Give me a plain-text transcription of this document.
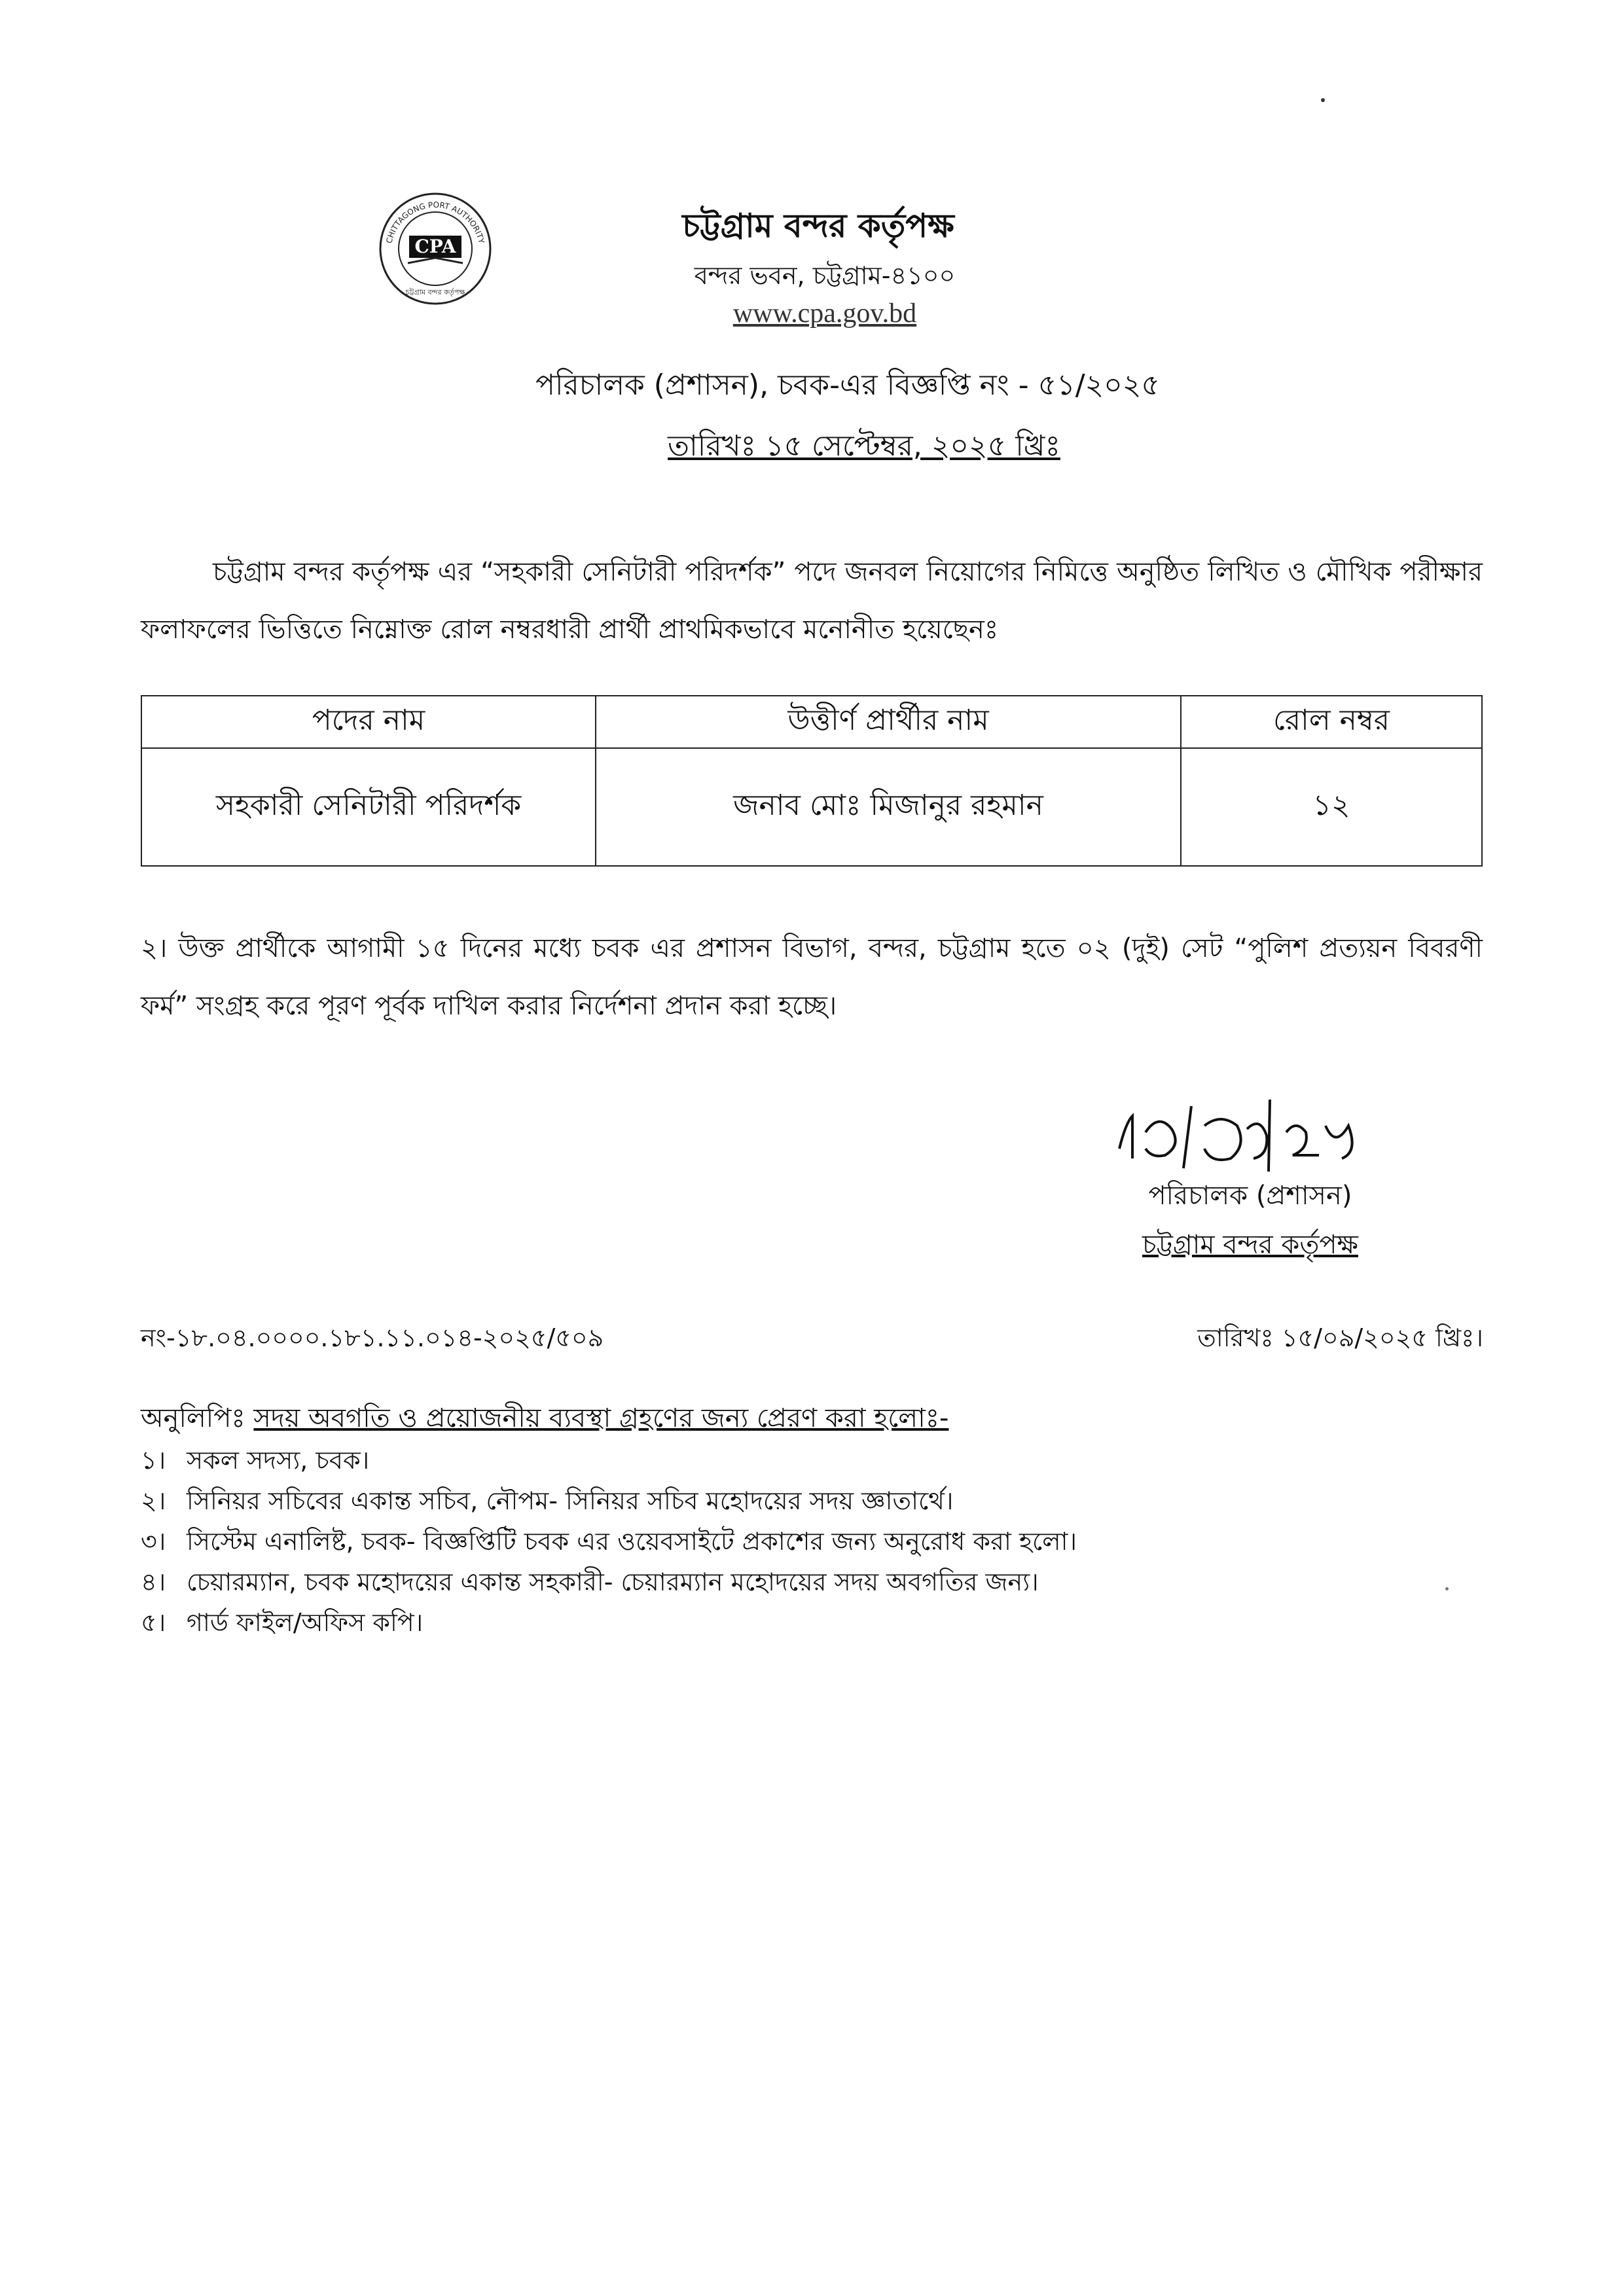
CHITTAGONG PORT AUTHORITY
CPA
চট্টগ্রাম বন্দর কর্তৃপক্ষ
চট্টগ্রাম বন্দর কর্তৃপক্ষ
বন্দর ভবন, চট্টগ্রাম-৪১০০
www.cpa.gov.bd
পরিচালক (প্রশাসন), চবক-এর বিজ্ঞপ্তি নং - ৫১/২০২৫
তারিখঃ ১৫ সেপ্টেম্বর, ২০২৫ খ্রিঃ
চট্টগ্রাম বন্দর কর্তৃপক্ষ এর “সহকারী সেনিটারী পরিদর্শক” পদে জনবল নিয়োগের নিমিত্তে অনুষ্ঠিত লিখিত ও মৌখিক পরীক্ষার ফলাফলের ভিত্তিতে নিম্নোক্ত রোল নম্বরধারী প্রার্থী প্রাথমিকভাবে মনোনীত হয়েছেনঃ
পদের নাম	উত্তীর্ণ প্রার্থীর নাম	রোল নম্বর
সহকারী সেনিটারী পরিদর্শক	জনাব মোঃ মিজানুর রহমান	১২
২। উক্ত প্রার্থীকে আগামী ১৫ দিনের মধ্যে চবক এর প্রশাসন বিভাগ, বন্দর, চট্টগ্রাম হতে ০২ (দুই) সেট “পুলিশ প্রত্যয়ন বিবরণী ফর্ম” সংগ্রহ করে পূরণ পূর্বক দাখিল করার নির্দেশনা প্রদান করা হচ্ছে।
পরিচালক (প্রশাসন)
চট্টগ্রাম বন্দর কর্তৃপক্ষ
নং-১৮.০৪.০০০০.১৮১.১১.০১৪-২০২৫/৫০৯	তারিখঃ ১৫/০৯/২০২৫ খ্রিঃ।
অনুলিপিঃ সদয় অবগতি ও প্রয়োজনীয় ব্যবস্থা গ্রহণের জন্য প্রেরণ করা হলোঃ-
১। সকল সদস্য, চবক।
২। সিনিয়র সচিবের একান্ত সচিব, নৌপম- সিনিয়র সচিব মহোদয়ের সদয় জ্ঞাতার্থে।
৩। সিস্টেম এনালিষ্ট, চবক- বিজ্ঞপ্তিটি চবক এর ওয়েবসাইটে প্রকাশের জন্য অনুরোধ করা হলো।
৪। চেয়ারম্যান, চবক মহোদয়ের একান্ত সহকারী- চেয়ারম্যান মহোদয়ের সদয় অবগতির জন্য।
৫। গার্ড ফাইল/অফিস কপি।
